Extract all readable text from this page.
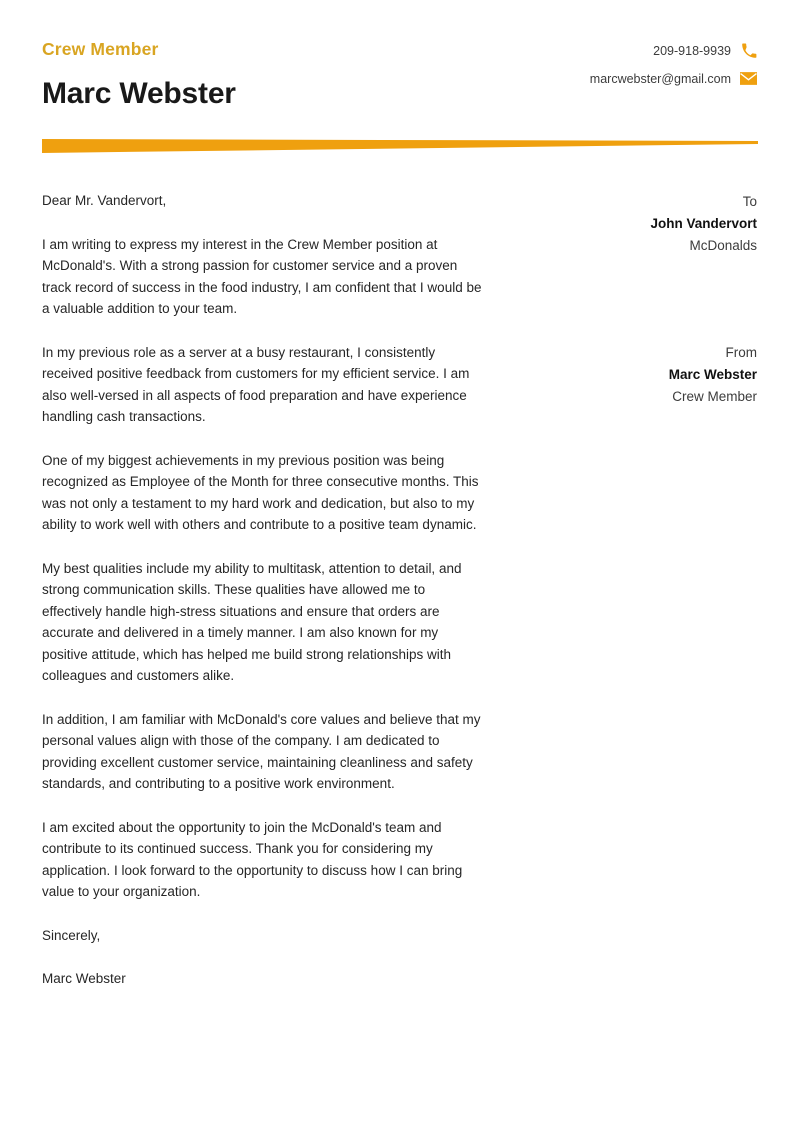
Crew Member
Marc Webster
209-918-9939
marcwebster@gmail.com
To
John Vandervort
McDonalds
From
Marc Webster
Crew Member

Dear Mr. Vandervort,

I am writing to express my interest in the Crew Member position at McDonald's. With a strong passion for customer service and a proven track record of success in the food industry, I am confident that I would be a valuable addition to your team.

In my previous role as a server at a busy restaurant, I consistently received positive feedback from customers for my efficient service. I am also well-versed in all aspects of food preparation and have experience handling cash transactions.

One of my biggest achievements in my previous position was being recognized as Employee of the Month for three consecutive months. This was not only a testament to my hard work and dedication, but also to my ability to work well with others and contribute to a positive team dynamic.

My best qualities include my ability to multitask, attention to detail, and strong communication skills. These qualities have allowed me to effectively handle high-stress situations and ensure that orders are accurate and delivered in a timely manner. I am also known for my positive attitude, which has helped me build strong relationships with colleagues and customers alike.

In addition, I am familiar with McDonald's core values and believe that my personal values align with those of the company. I am dedicated to providing excellent customer service, maintaining cleanliness and safety standards, and contributing to a positive work environment.

I am excited about the opportunity to join the McDonald's team and contribute to its continued success. Thank you for considering my application. I look forward to the opportunity to discuss how I can bring value to your organization.

Sincerely,

Marc Webster
